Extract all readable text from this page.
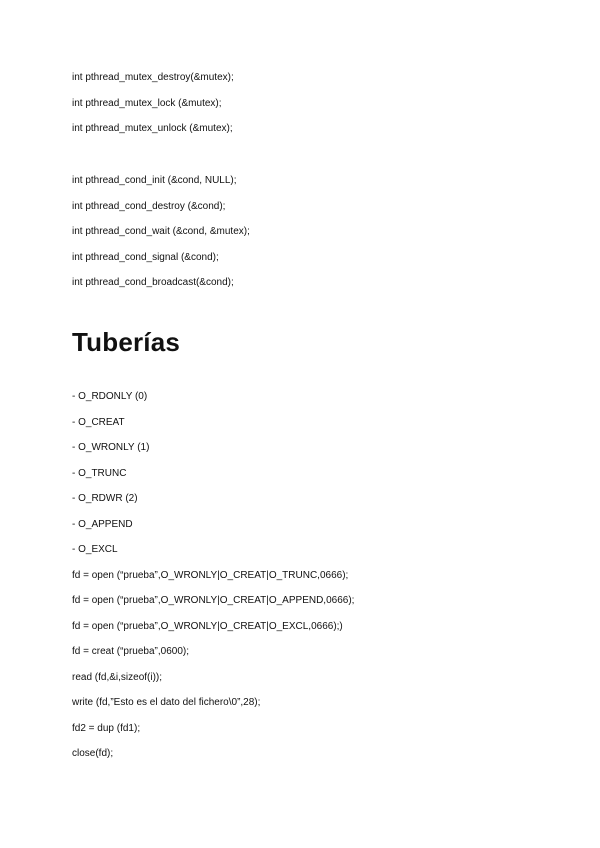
int pthread_mutex_destroy(&mutex);
int pthread_mutex_lock (&mutex);
int pthread_mutex_unlock (&mutex);
int pthread_cond_init (&cond, NULL);
int pthread_cond_destroy (&cond);
int pthread_cond_wait (&cond, &mutex);
int pthread_cond_signal (&cond);
int pthread_cond_broadcast(&cond);
Tuberías
- O_RDONLY (0)
- O_CREAT
- O_WRONLY (1)
- O_TRUNC
- O_RDWR (2)
- O_APPEND
- O_EXCL
fd = open (“prueba”,O_WRONLY|O_CREAT|O_TRUNC,0666);
fd = open (“prueba”,O_WRONLY|O_CREAT|O_APPEND,0666);
fd = open (“prueba”,O_WRONLY|O_CREAT|O_EXCL,0666);)
fd = creat (“prueba”,0600);
read (fd,&i,sizeof(i));
write (fd,”Esto es el dato del fichero\0”,28);
fd2 = dup (fd1);
close(fd);
